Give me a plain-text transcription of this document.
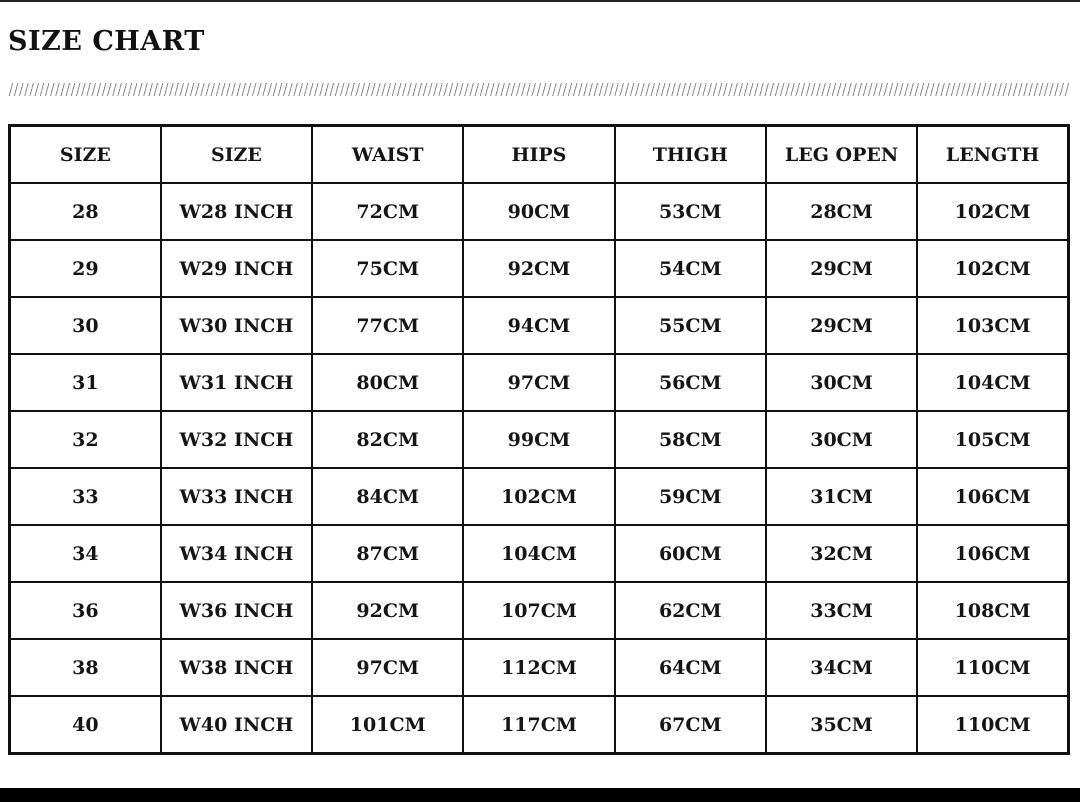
SIZE CHART
SIZE	SIZE	WAIST	HIPS	THIGH	LEG OPEN	LENGTH
28	W28 INCH	72CM	90CM	53CM	28CM	102CM
29	W29 INCH	75CM	92CM	54CM	29CM	102CM
30	W30 INCH	77CM	94CM	55CM	29CM	103CM
31	W31 INCH	80CM	97CM	56CM	30CM	104CM
32	W32 INCH	82CM	99CM	58CM	30CM	105CM
33	W33 INCH	84CM	102CM	59CM	31CM	106CM
34	W34 INCH	87CM	104CM	60CM	32CM	106CM
36	W36 INCH	92CM	107CM	62CM	33CM	108CM
38	W38 INCH	97CM	112CM	64CM	34CM	110CM
40	W40 INCH	101CM	117CM	67CM	35CM	110CM
